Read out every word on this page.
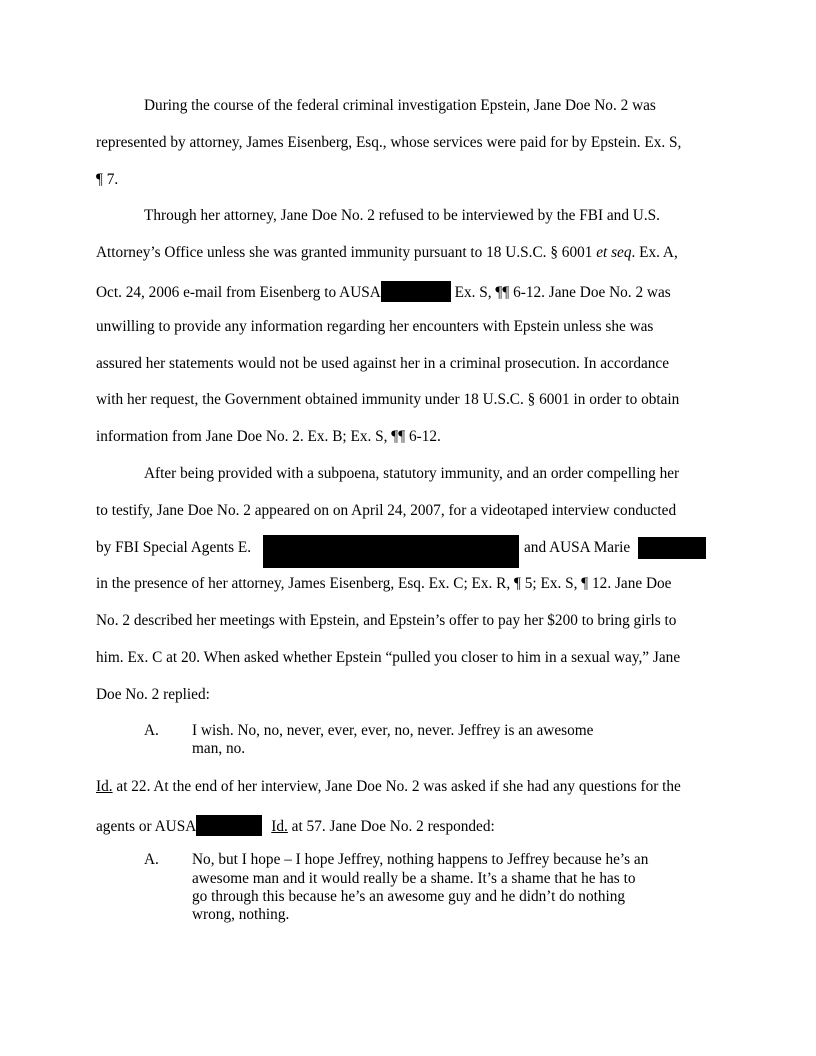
During the course of the federal criminal investigation Epstein, Jane Doe No. 2 was
represented by attorney, James Eisenberg, Esq., whose services were paid for by Epstein. Ex. S,
¶ 7.
Through her attorney, Jane Doe No. 2 refused to be interviewed by the FBI and U.S.
Attorney’s Office unless she was granted immunity pursuant to 18 U.S.C. § 6001 et seq. Ex. A,
Oct. 24, 2006 e-mail from Eisenberg to AUSA	Ex. S, ¶¶ 6-12. Jane Doe No. 2 was
unwilling to provide any information regarding her encounters with Epstein unless she was
assured her statements would not be used against her in a criminal prosecution. In accordance
with her request, the Government obtained immunity under 18 U.S.C. § 6001 in order to obtain
information from Jane Doe No. 2. Ex. B; Ex. S, ¶¶ 6-12.
After being provided with a subpoena, statutory immunity, and an order compelling her
to testify, Jane Doe No. 2 appeared on on April 24, 2007, for a videotaped interview conducted
by FBI Special Agents E.	and AUSA Marie
in the presence of her attorney, James Eisenberg, Esq. Ex. C; Ex. R, ¶ 5; Ex. S, ¶ 12. Jane Doe
No. 2 described her meetings with Epstein, and Epstein’s offer to pay her $200 to bring girls to
him. Ex. C at 20. When asked whether Epstein “pulled you closer to him in a sexual way,” Jane
Doe No. 2 replied:
A. I wish. No, no, never, ever, ever, no, never. Jeffrey is an awesome
man, no.
Id. at 22. At the end of her interview, Jane Doe No. 2 was asked if she had any questions for the
agents or AUSA	Id. at 57. Jane Doe No. 2 responded:
A. No, but I hope – I hope Jeffrey, nothing happens to Jeffrey because he’s an
awesome man and it would really be a shame. It’s a shame that he has to
go through this because he’s an awesome guy and he didn’t do nothing
wrong, nothing.
